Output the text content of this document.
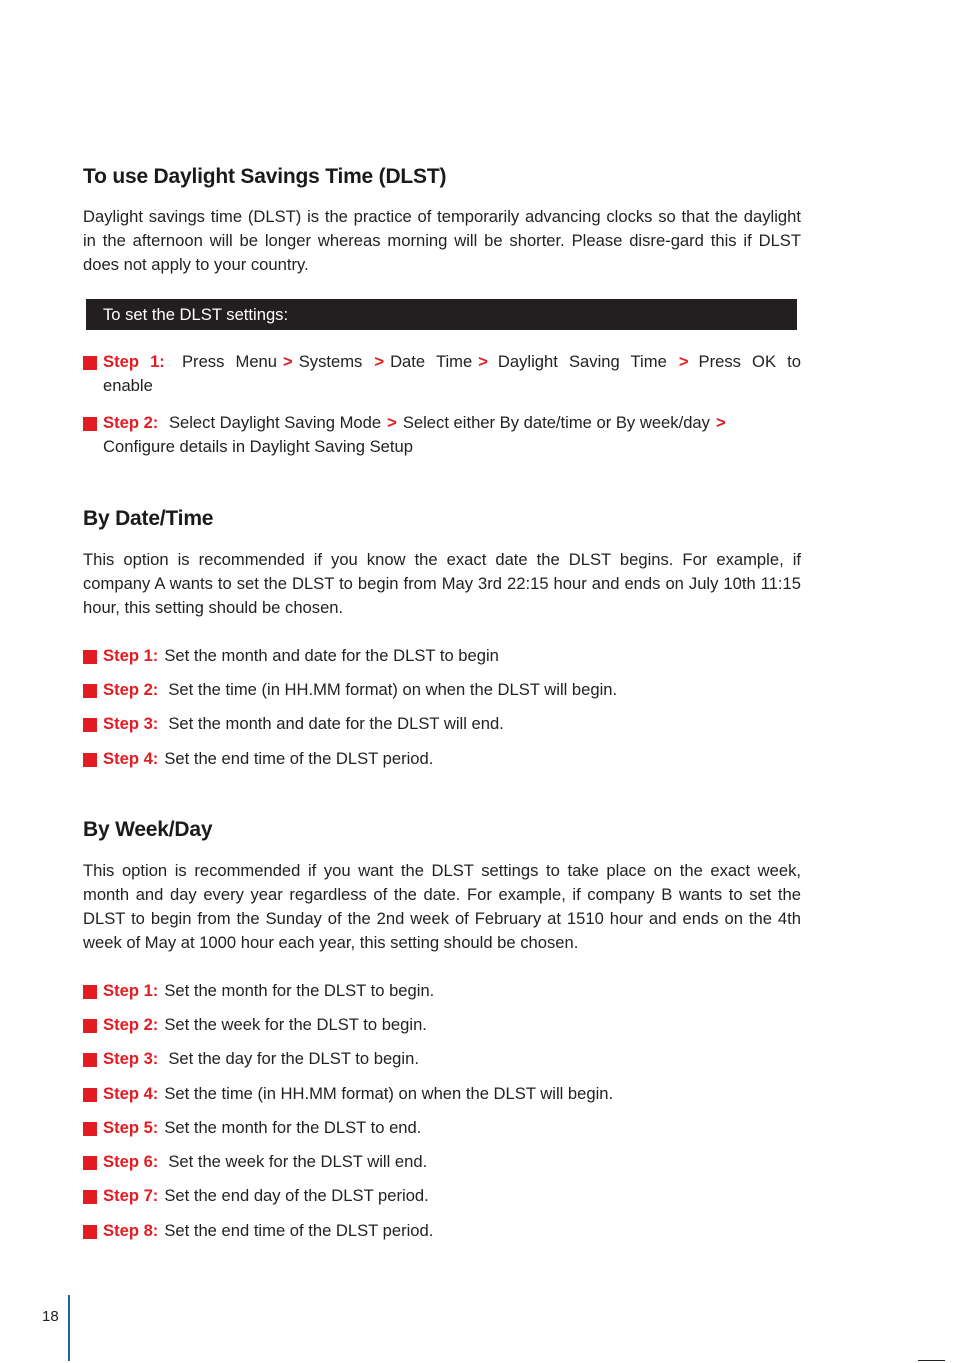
To use Daylight Savings Time (DLST)
Daylight savings time (DLST) is the practice of temporarily advancing clocks so that the daylight in the afternoon will be longer whereas morning will be shorter. Please disre-gard this if DLST does not apply to your country.
To set the DLST settings:
Step 1: Press Menu > Systems > Date Time > Daylight Saving Time > Press OK to enable
Step 2: Select Daylight Saving Mode > Select either By date/time or By week/day >
Configure details in Daylight Saving Setup
By Date/Time
This option is recommended if you know the exact date the DLST begins. For example, if company A wants to set the DLST to begin from May 3rd 22:15 hour and ends on July 10th 11:15 hour, this setting should be chosen.
Step 1: Set the month and date for the DLST to begin
Step 2: Set the time (in HH.MM format) on when the DLST will begin.
Step 3: Set the month and date for the DLST will end.
Step 4: Set the end time of the DLST period.
By Week/Day
This option is recommended if you want the DLST settings to take place on the exact week, month and day every year regardless of the date. For example, if company B wants to set the DLST to begin from the Sunday of the 2nd week of February at 1510 hour and ends on the 4th week of May at 1000 hour each year, this setting should be chosen.
Step 1: Set the month for the DLST to begin.
Step 2: Set the week for the DLST to begin.
Step 3: Set the day for the DLST to begin.
Step 4: Set the time (in HH.MM format) on when the DLST will begin.
Step 5: Set the month for the DLST to end.
Step 6: Set the week for the DLST will end.
Step 7: Set the end day of the DLST period.
Step 8: Set the end time of the DLST period.
18
